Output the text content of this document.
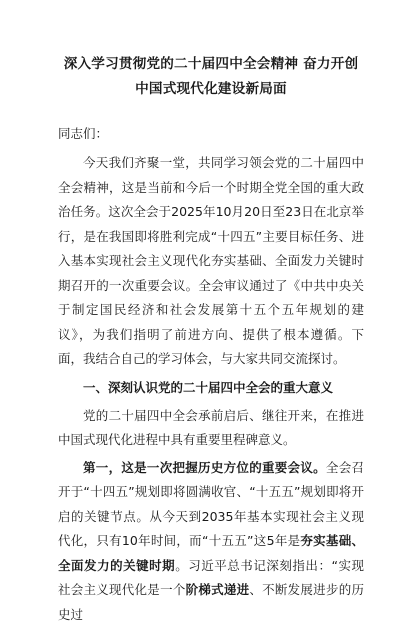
深入学习贯彻党的二十届四中全会精神 奋力开创中国式现代化建设新局面
同志们：

今天我们齐聚一堂，共同学习领会党的二十届四中全会精神，这是当前和今后一个时期全党全国的重大政治任务。这次全会于2025年10月20日至23日在北京举行，是在我国即将胜利完成“十四五”主要目标任务、进入基本实现社会主义现代化夯实基础、全面发力关键时期召开的一次重要会议。全会审议通过了《中共中央关于制定国民经济和社会发展第十五个五年规划的建议》，为我们指明了前进方向、提供了根本遵循。下面，我结合自己的学习体会，与大家共同交流探讨。

一、深刻认识党的二十届四中全会的重大意义

党的二十届四中全会承前启后、继往开来，在推进中国式现代化进程中具有重要里程碑意义。

第一，这是一次把握历史方位的重要会议。全会召开于“十四五”规划即将圆满收官、“十五五”规划即将开启的关键节点。从今天到2035年基本实现社会主义现代化，只有10年时间，而“十五五”这5年是夯实基础、全面发力的关键时期。习近平总书记深刻指出：“实现社会主义现代化是一个阶梯式递进、不断发展进步的历史过
